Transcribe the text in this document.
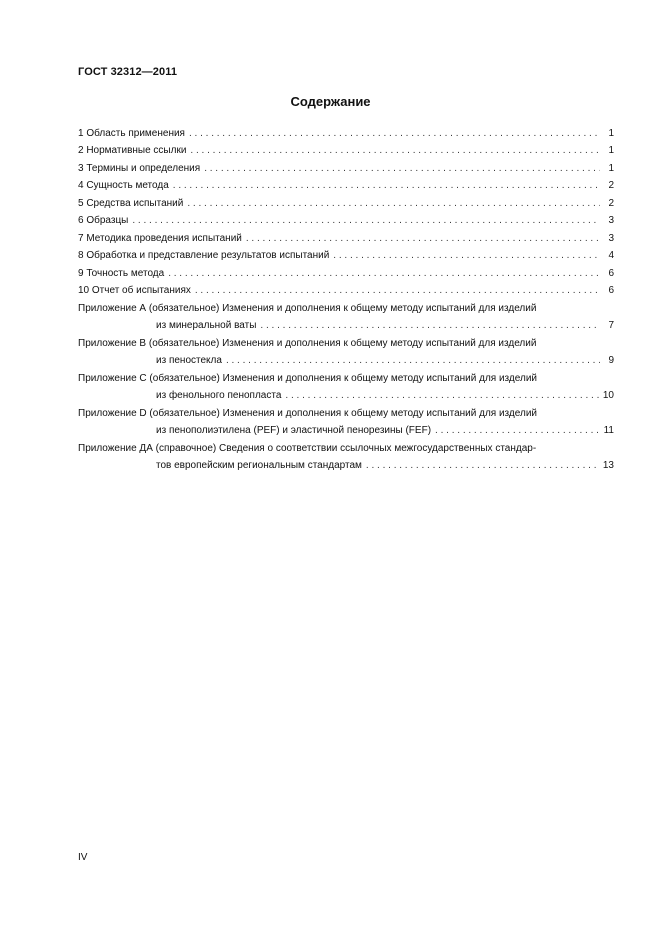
ГОСТ 32312—2011
Содержание
1 Область применения . . .	1
2 Нормативные ссылки . . .	1
3 Термины и определения . . .	1
4 Сущность метода . . .	2
5 Средства испытаний . . .	2
6 Образцы . . .	3
7 Методика проведения испытаний . . .	3
8 Обработка и представление результатов испытаний . . .	4
9 Точность метода . . .	6
10 Отчет об испытаниях . . .	6
Приложение А (обязательное) Изменения и дополнения к общему методу испытаний для изделий
из минеральной ваты . . .	7
Приложение В (обязательное) Изменения и дополнения к общему методу испытаний для изделий
из пеностекла . . .	9
Приложение С (обязательное) Изменения и дополнения к общему методу испытаний для изделий
из фенольного пенопласта . . .	10
Приложение D (обязательное) Изменения и дополнения к общему методу испытаний для изделий
из пенополиэтилена (PEF) и эластичной пенорезины (FEF) . . .	11
Приложение ДА (справочное) Сведения о соответствии ссылочных межгосударственных стандар-
тов европейским региональным стандартам . . .	13
IV
